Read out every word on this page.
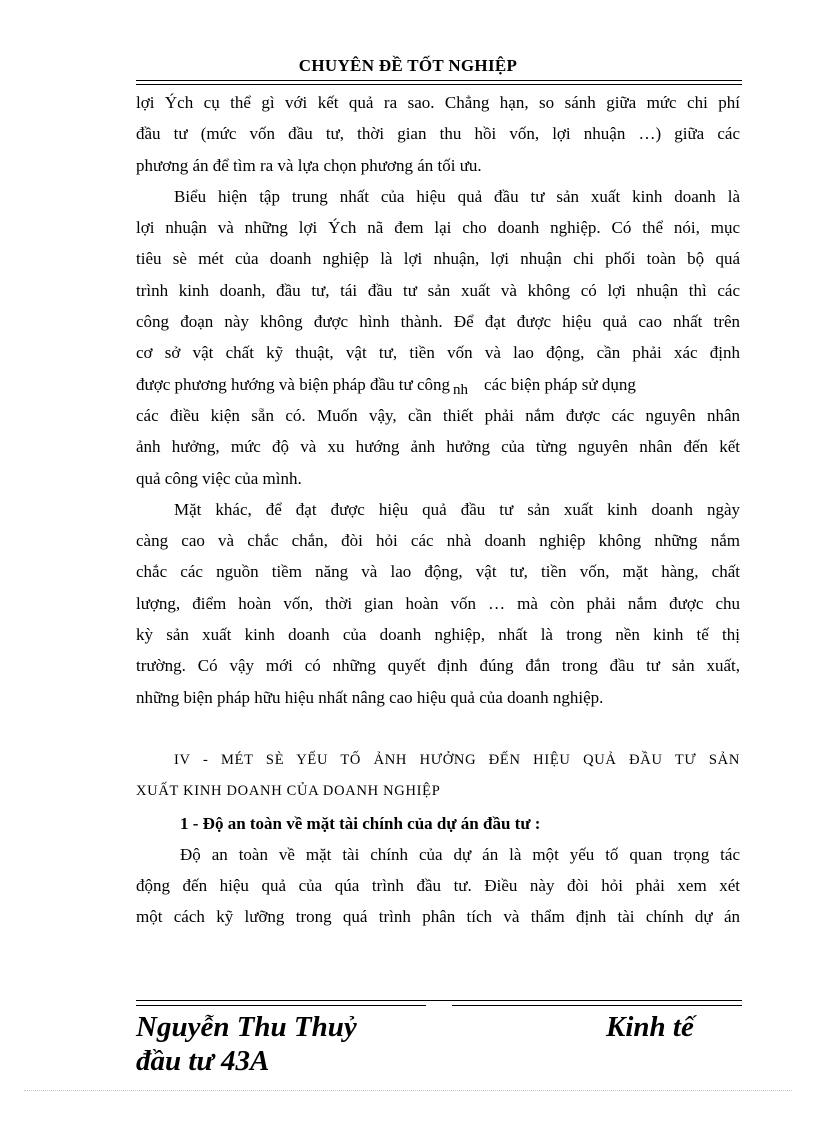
CHUYÊN ĐỀ TỐT NGHIỆP
lợi Ých cụ thể gì với kết quả ra sao. Chẳng hạn, so sánh giữa mức chi phí
đầu tư (mức vốn đầu tư, thời gian thu hồi vốn, lợi nhuận …) giữa các
phương án để tìm ra và lựa chọn phương án tối ưu.
Biểu hiện tập trung nhất của hiệu quả đầu tư sản xuất kinh doanh là
lợi nhuận và những lợi Ých nã đem lại cho doanh nghiệp. Có thể nói, mục
tiêu sè mét của doanh nghiệp là lợi nhuận, lợi nhuận chi phối toàn bộ quá
trình kinh doanh, đầu tư, tái đầu tư sản xuất và không có lợi nhuận thì các
công đoạn này không được hình thành. Để đạt được hiệu quả cao nhất trên
cơ sở vật chất kỹ thuật, vật tư, tiền vốn và lao động, cần phải xác định
được phương hướng và biện pháp đầu tư công nh các biện pháp sử dụng
các điều kiện sẵn có. Muốn vậy, cần thiết phải nắm được các nguyên nhân
ảnh hưởng, mức độ và xu hướng ảnh hưởng của từng nguyên nhân đến kết
quả công việc của mình.
Mặt khác, để đạt được hiệu quả đầu tư sản xuất kinh doanh ngày
càng cao và chắc chắn, đòi hỏi các nhà doanh nghiệp không những nắm
chắc các nguồn tiềm năng và lao động, vật tư, tiền vốn, mặt hàng, chất
lượng, điểm hoàn vốn, thời gian hoàn vốn … mà còn phải nắm được chu
kỳ sản xuất kinh doanh của doanh nghiệp, nhất là trong nền kinh tế thị
trường. Có vậy mới có những quyết định đúng đắn trong đầu tư sản xuất,
những biện pháp hữu hiệu nhất nâng cao hiệu quả của doanh nghiệp.
IV - MÉT SÈ YẾU TỐ ẢNH HƯỞNG ĐẾN HIỆU QUẢ ĐẦU TƯ SẢN
XUẤT KINH DOANH CỦA DOANH NGHIỆP
1 - Độ an toàn về mặt tài chính của dự án đầu tư :
Độ an toàn về mặt tài chính của dự án là một yếu tố quan trọng tác
động đến hiệu quả của qúa trình đầu tư. Điều này đòi hỏi phải xem xét
một cách kỹ lưỡng trong quá trình phân tích và thẩm định tài chính dự án
Nguyễn Thu Thuỷ	Kinh tế
đầu tư 43A
